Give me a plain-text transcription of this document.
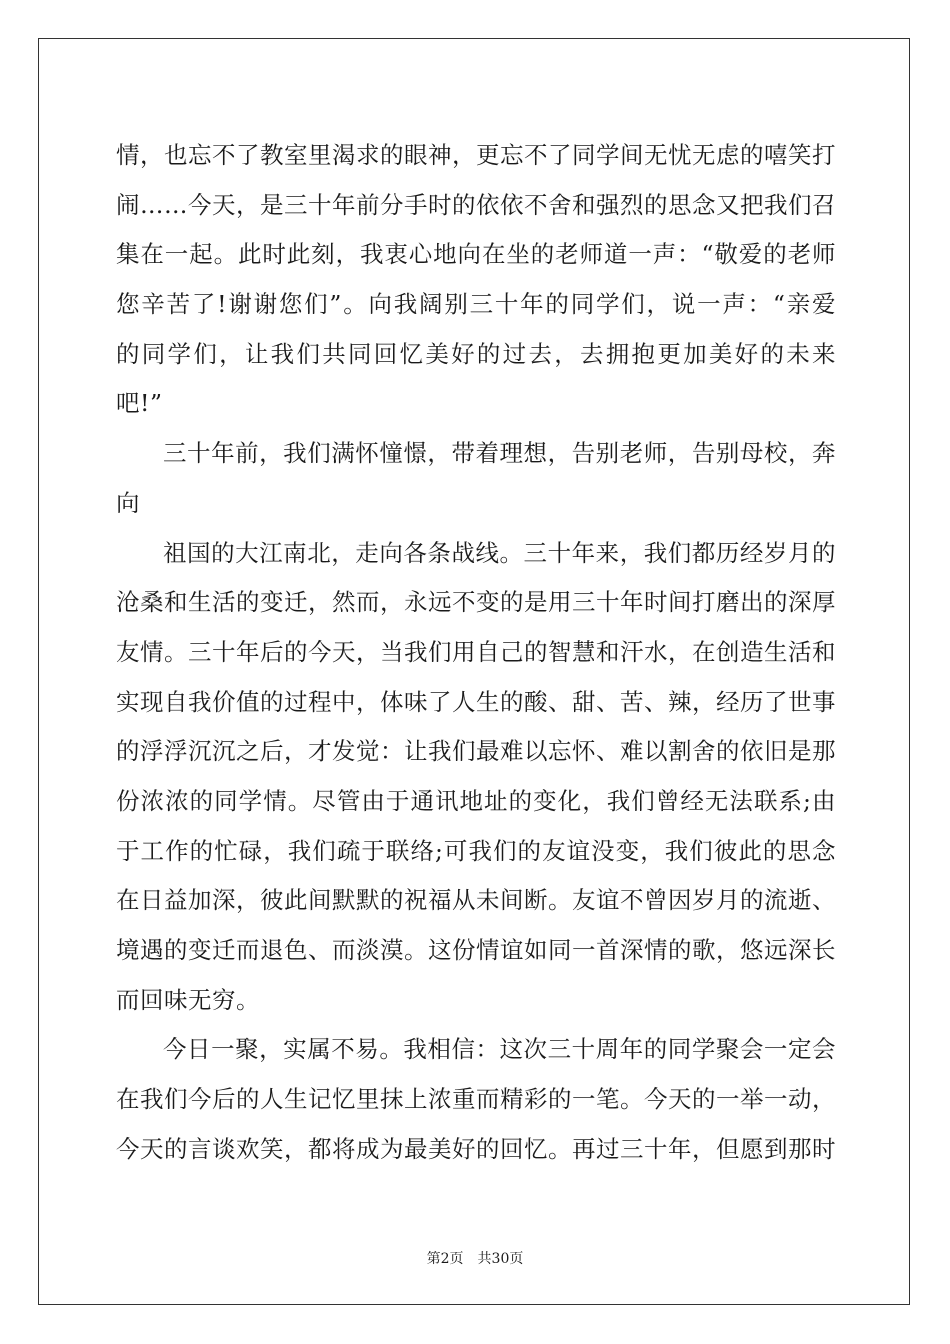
情，也忘不了教室里渴求的眼神，更忘不了同学间无忧无虑的嘻笑打
闹……今天，是三十年前分手时的依依不舍和强烈的思念又把我们召
集在一起。此时此刻，我衷心地向在坐的老师道一声：“敬爱的老师
您辛苦了!谢谢您们”。向我阔别三十年的同学们，说一声：“亲爱
的同学们，让我们共同回忆美好的过去，去拥抱更加美好的未来
吧!”
三十年前，我们满怀憧憬，带着理想，告别老师，告别母校，奔
向
祖国的大江南北，走向各条战线。三十年来，我们都历经岁月的
沧桑和生活的变迁，然而，永远不变的是用三十年时间打磨出的深厚
友情。三十年后的今天，当我们用自己的智慧和汗水，在创造生活和
实现自我价值的过程中，体味了人生的酸、甜、苦、辣，经历了世事
的浮浮沉沉之后，才发觉：让我们最难以忘怀、难以割舍的依旧是那
份浓浓的同学情。尽管由于通讯地址的变化，我们曾经无法联系;由
于工作的忙碌，我们疏于联络;可我们的友谊没变，我们彼此的思念
在日益加深，彼此间默默的祝福从未间断。友谊不曾因岁月的流逝、
境遇的变迁而退色、而淡漠。这份情谊如同一首深情的歌，悠远深长
而回味无穷。
今日一聚，实属不易。我相信：这次三十周年的同学聚会一定会
在我们今后的人生记忆里抹上浓重而精彩的一笔。今天的一举一动，
今天的言谈欢笑，都将成为最美好的回忆。再过三十年，但愿到那时
第2页　共30页
